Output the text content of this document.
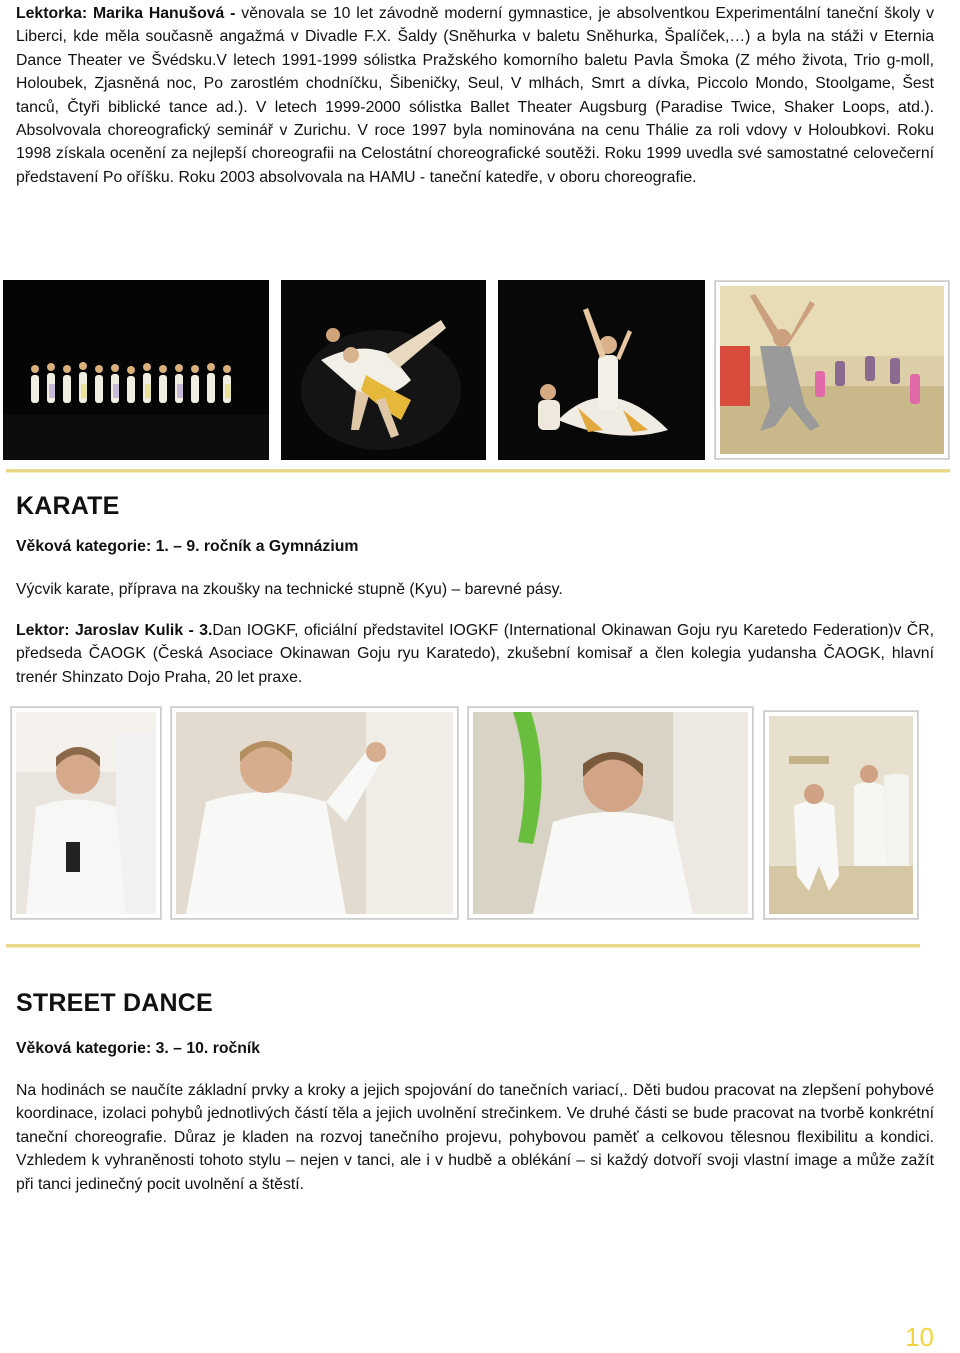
Lektorka: Marika Hanušová - věnovala se 10 let závodně moderní gymnastice, je absolventkou Experimentální taneční školy v Liberci, kde měla současně angažmá v Divadle F.X. Šaldy (Sněhurka v baletu Sněhurka, Špalíček,…) a byla na stáži v Eternia Dance Theater ve Švédsku.V letech 1991-1999 sólistka Pražského komorního baletu Pavla Šmoka (Z mého života, Trio g-moll, Holoubek, Zjasněná noc, Po zarostlém chodníčku, Šibeničky, Seul, V mlhách, Smrt a dívka, Piccolo Mondo, Stoolgame, Šest tanců, Čtyři biblické tance ad.). V letech 1999-2000 sólistka Ballet Theater Augsburg (Paradise Twice, Shaker Loops, atd.). Absolvovala choreografický seminář v Zurichu. V roce 1997 byla nominována na cenu Thálie za roli vdovy v Holoubkovi. Roku 1998 získala ocenění za nejlepší choreografii na Celostátní choreografické soutěži. Roku 1999 uvedla své samostatné celovečerní představení Po oříšku. Roku 2003 absolvovala na HAMU - taneční katedře, v oboru choreografie.

KARATE

Věková kategorie: 1. – 9. ročník a Gymnázium

Výcvik karate, příprava na zkoušky na technické stupně (Kyu) – barevné pásy.

Lektor: Jaroslav Kulik - 3.Dan IOGKF, oficiální představitel IOGKF (International Okinawan Goju ryu Karetedo Federation)v ČR, předseda ČAOGK (Česká Asociace Okinawan Goju ryu Karatedo), zkušební komisař a člen kolegia yudansha ČAOGK, hlavní trenér Shinzato Dojo Praha, 20 let praxe.

STREET DANCE

Věková kategorie: 3. – 10. ročník

Na hodinách se naučíte základní prvky a kroky a jejich spojování do tanečních variací,. Děti budou pracovat na zlepšení pohybové koordinace, izolaci pohybů jednotlivých částí těla a jejich uvolnění strečinkem. Ve druhé části se bude pracovat na tvorbě konkrétní taneční choreografie. Důraz je kladen na rozvoj tanečního projevu, pohybovou paměť a celkovou tělesnou flexibilitu a kondici. Vzhledem k vyhraněnosti tohoto stylu – nejen v tanci, ale i v hudbě a oblékání – si každý dotvoří svoji vlastní image a může zažít při tanci jedinečný pocit uvolnění a štěstí.

10
